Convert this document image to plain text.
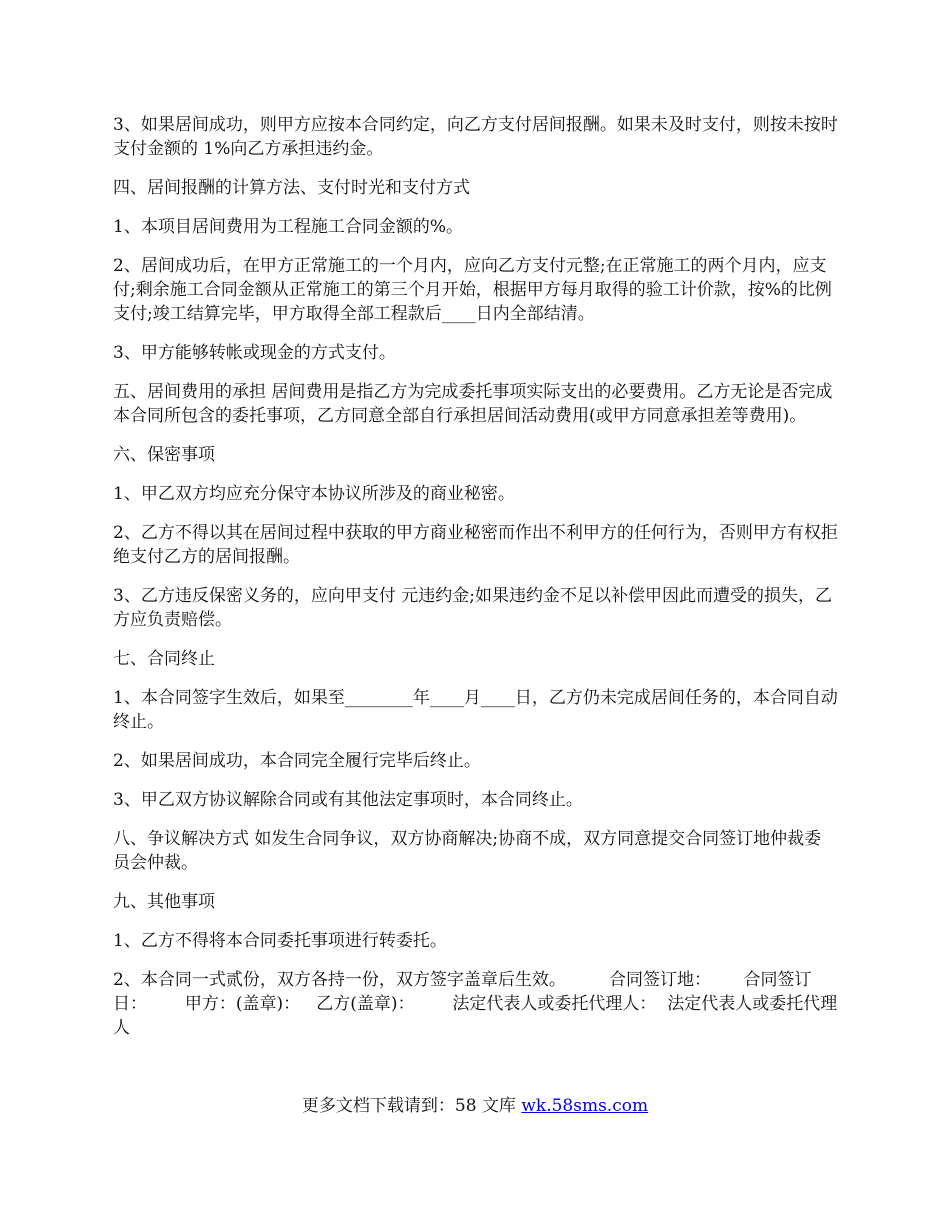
3、如果居间成功，则甲方应按本合同约定，向乙方支付居间报酬。如果未及时支付，则按未按时支付金额的 1%向乙方承担违约金。

四、居间报酬的计算方法、支付时光和支付方式

1、本项目居间费用为工程施工合同金额的%。

2、居间成功后，在甲方正常施工的一个月内，应向乙方支付元整;在正常施工的两个月内，应支付;剩余施工合同金额从正常施工的第三个月开始，根据甲方每月取得的验工计价款，按%的比例支付;竣工结算完毕，甲方取得全部工程款后____日内全部结清。

3、甲方能够转帐或现金的方式支付。

五、居间费用的承担 居间费用是指乙方为完成委托事项实际支出的必要费用。乙方无论是否完成本合同所包含的委托事项，乙方同意全部自行承担居间活动费用(或甲方同意承担差等费用)。

六、保密事项

1、甲乙双方均应充分保守本协议所涉及的商业秘密。

2、乙方不得以其在居间过程中获取的甲方商业秘密而作出不利甲方的任何行为，否则甲方有权拒绝支付乙方的居间报酬。

3、乙方违反保密义务的，应向甲支付 元违约金;如果违约金不足以补偿甲因此而遭受的损失，乙方应负责赔偿。

七、合同终止

1、本合同签字生效后，如果至________年____月____日，乙方仍未完成居间任务的，本合同自动终止。

2、如果居间成功，本合同完全履行完毕后终止。

3、甲乙双方协议解除合同或有其他法定事项时，本合同终止。

八、争议解决方式 如发生合同争议，双方协商解决;协商不成，双方同意提交合同签订地仲裁委员会仲裁。

九、其他事项

1、乙方不得将本合同委托事项进行转委托。

2、本合同一式贰份，双方各持一份，双方签字盖章后生效。        合同签订地：      合同签订日：       甲方：(盖章)：   乙方(盖章)：       法定代表人或委托代理人：  法定代表人或委托代理人

更多文档下载请到：58 文库 wk.58sms.com
